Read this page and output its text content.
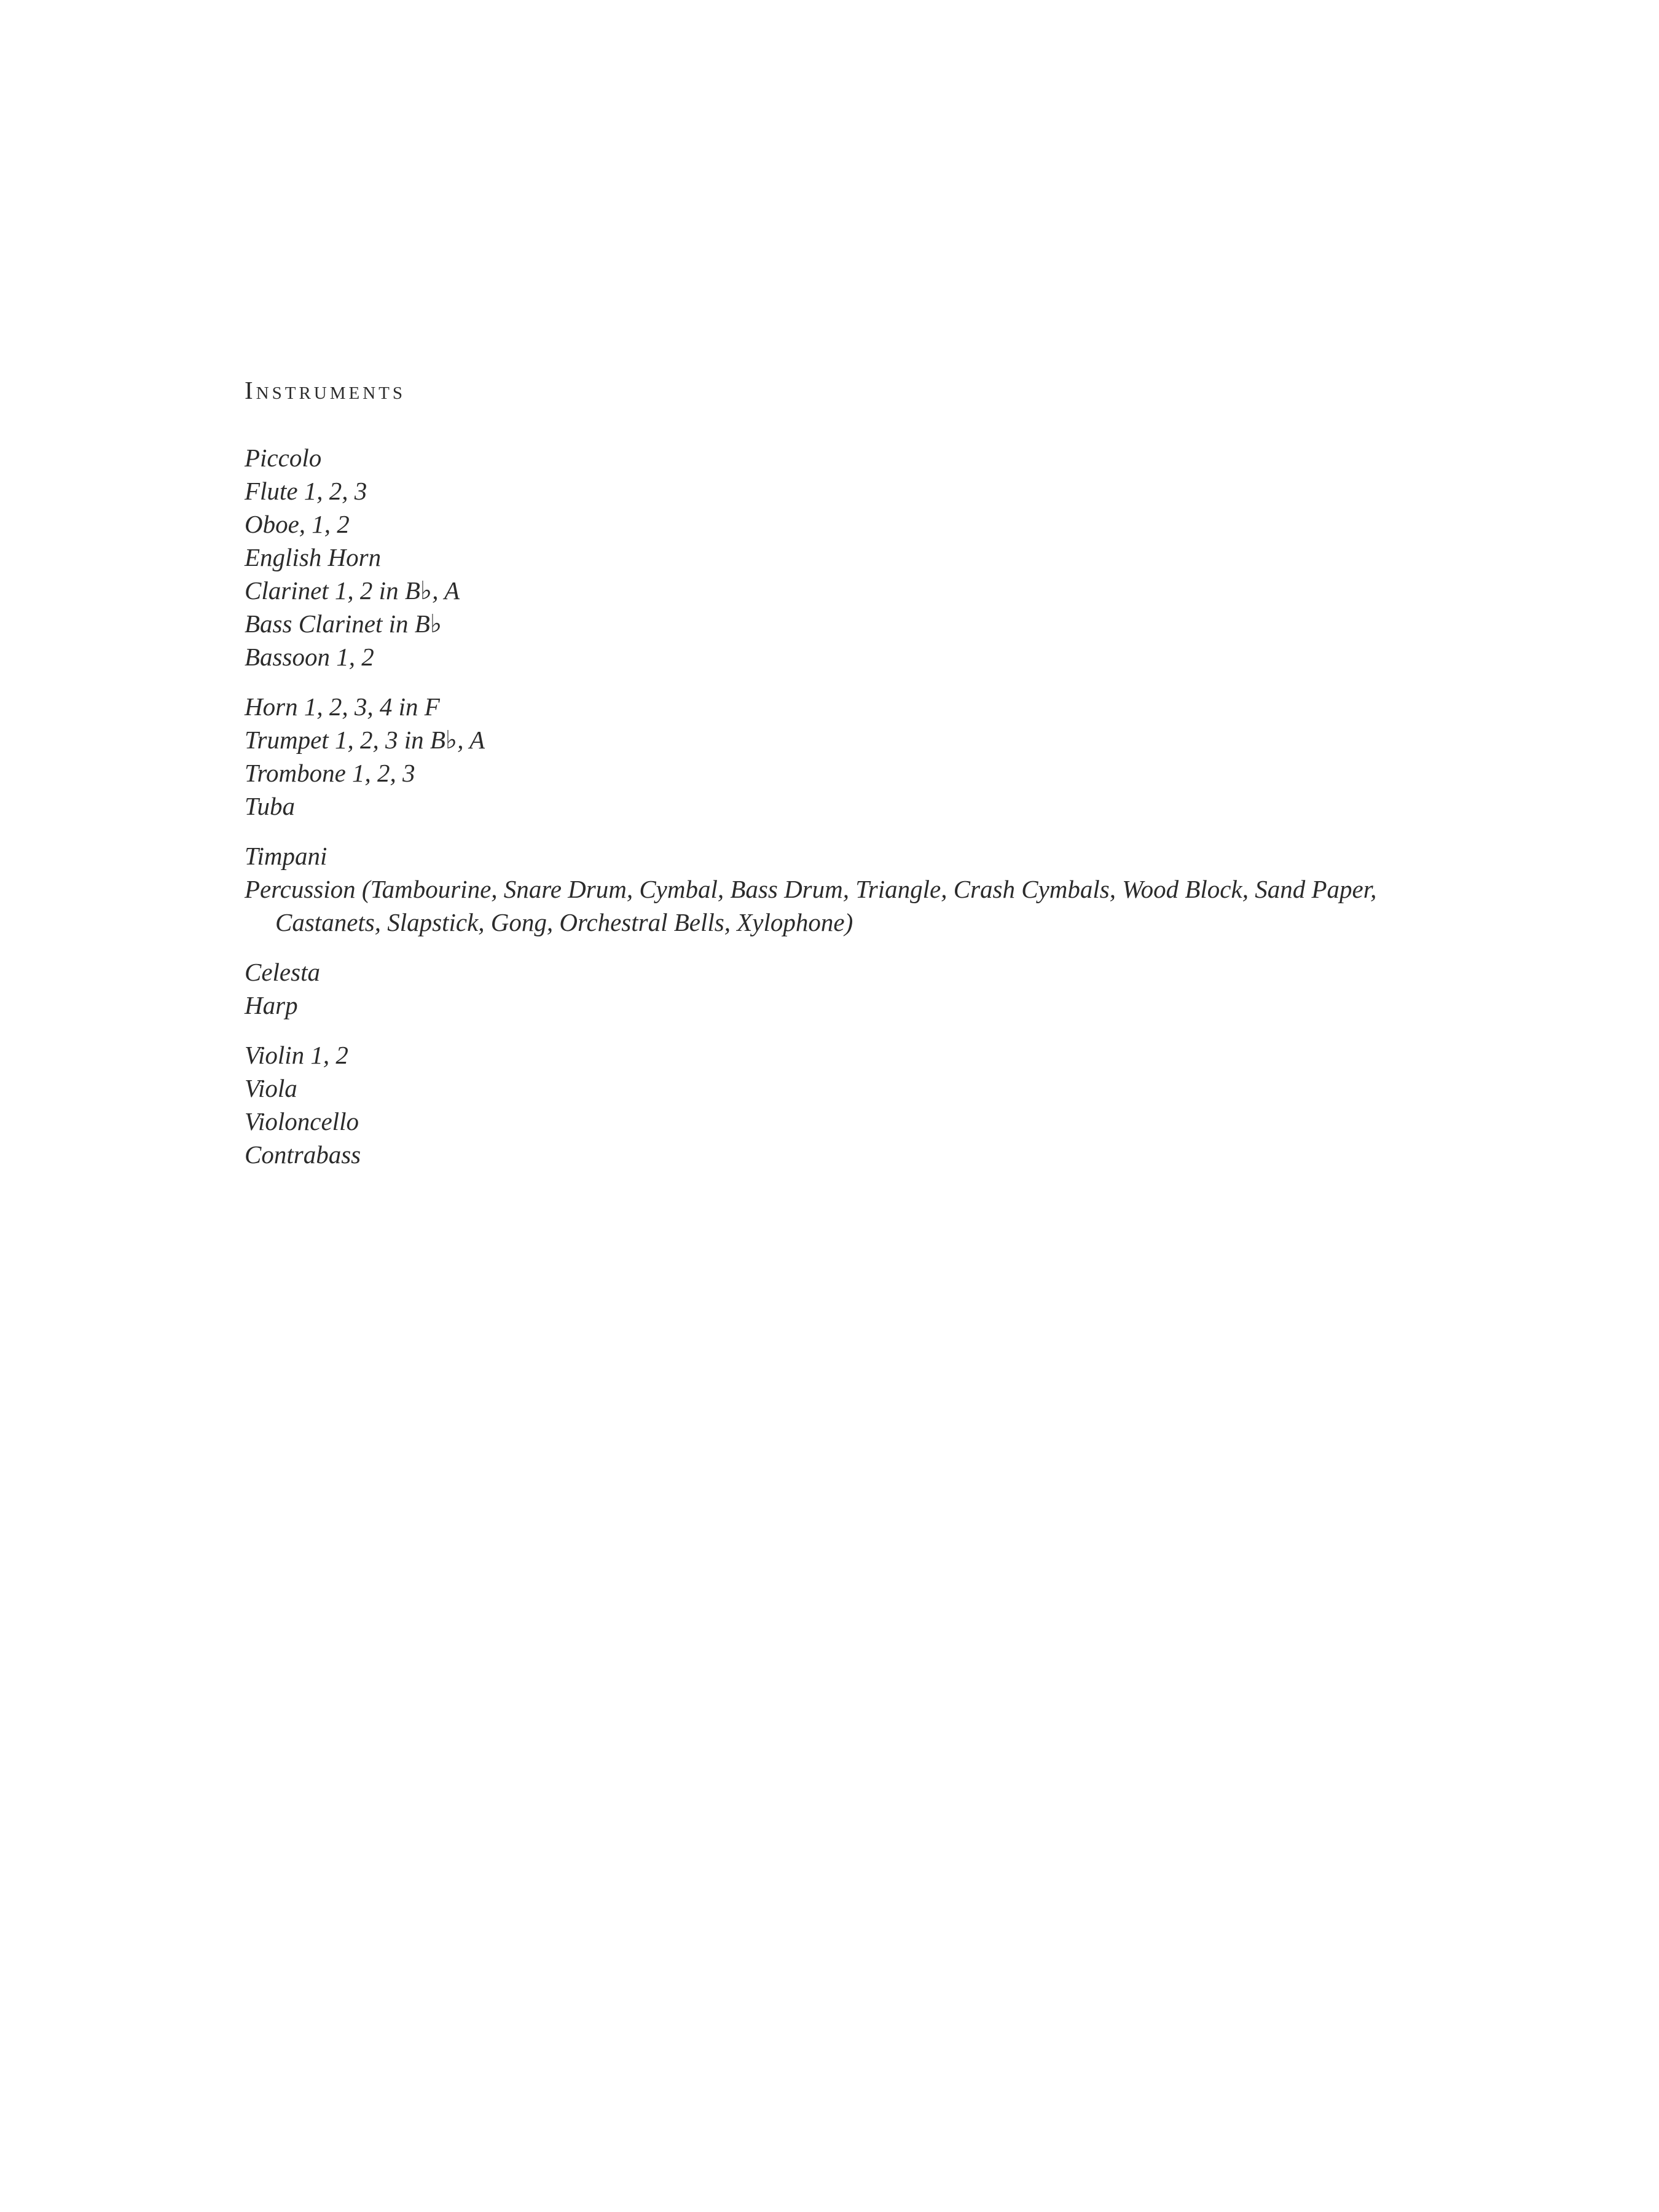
Instruments
Piccolo
Flute 1, 2, 3
Oboe, 1, 2
English Horn
Clarinet 1, 2 in B♭, A
Bass Clarinet in B♭
Bassoon 1, 2
Horn 1, 2, 3, 4 in F
Trumpet 1, 2, 3 in B♭, A
Trombone 1, 2, 3
Tuba
Timpani
Percussion (Tambourine, Snare Drum, Cymbal, Bass Drum, Triangle, Crash Cymbals, Wood Block, Sand Paper, Castanets, Slapstick, Gong, Orchestral Bells, Xylophone)
Celesta
Harp
Violin 1, 2
Viola
Violoncello
Contrabass
